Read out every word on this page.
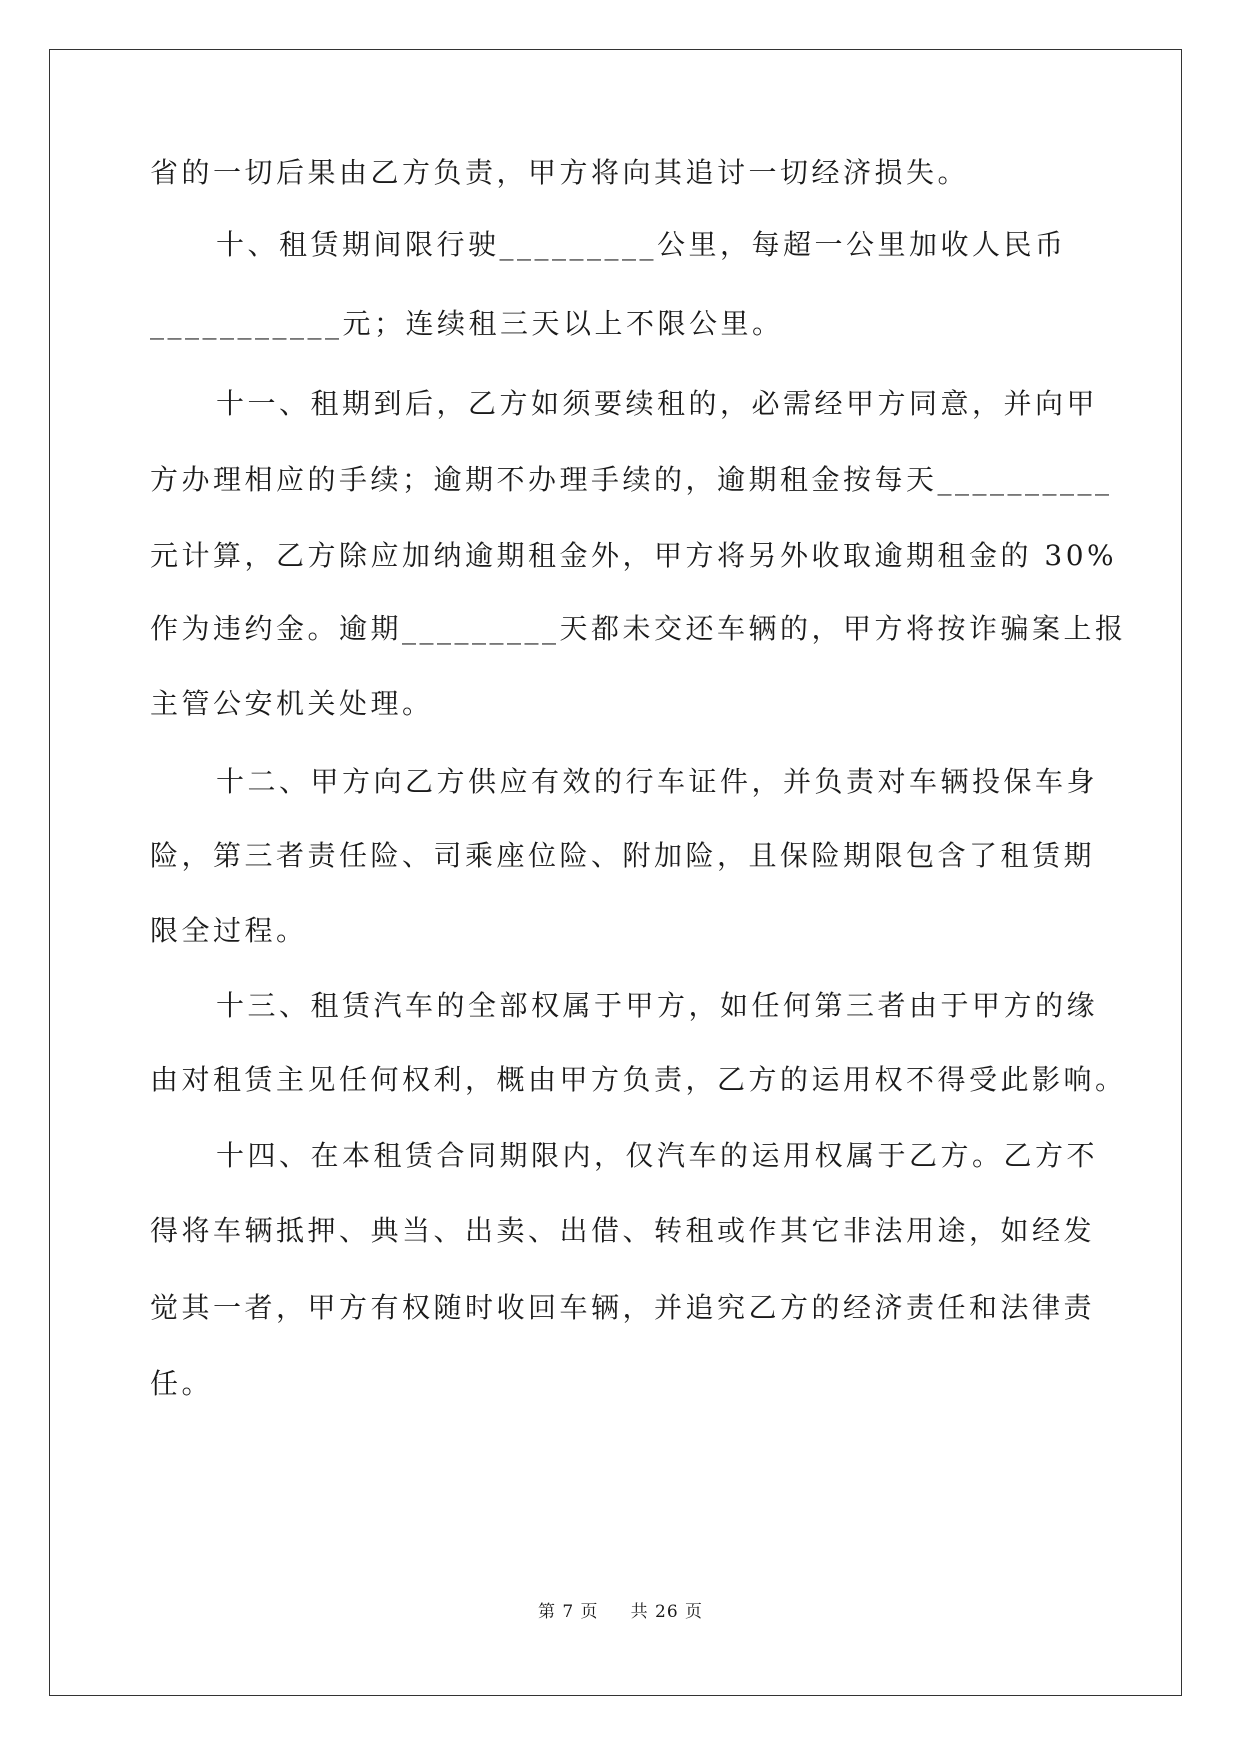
省的一切后果由乙方负责，甲方将向其追讨一切经济损失。
十、租赁期间限行驶_________公里，每超一公里加收人民币
___________元；连续租三天以上不限公里。
十一、租期到后，乙方如须要续租的，必需经甲方同意，并向甲
方办理相应的手续；逾期不办理手续的，逾期租金按每天__________
元计算，乙方除应加纳逾期租金外，甲方将另外收取逾期租金的 30%
作为违约金。逾期_________天都未交还车辆的，甲方将按诈骗案上报
主管公安机关处理。
十二、甲方向乙方供应有效的行车证件，并负责对车辆投保车身
险，第三者责任险、司乘座位险、附加险，且保险期限包含了租赁期
限全过程。
十三、租赁汽车的全部权属于甲方，如任何第三者由于甲方的缘
由对租赁主见任何权利，概由甲方负责，乙方的运用权不得受此影响。
十四、在本租赁合同期限内，仅汽车的运用权属于乙方。乙方不
得将车辆抵押、典当、出卖、出借、转租或作其它非法用途，如经发
觉其一者，甲方有权随时收回车辆，并追究乙方的经济责任和法律责
任。
第 7 页 共 26 页
